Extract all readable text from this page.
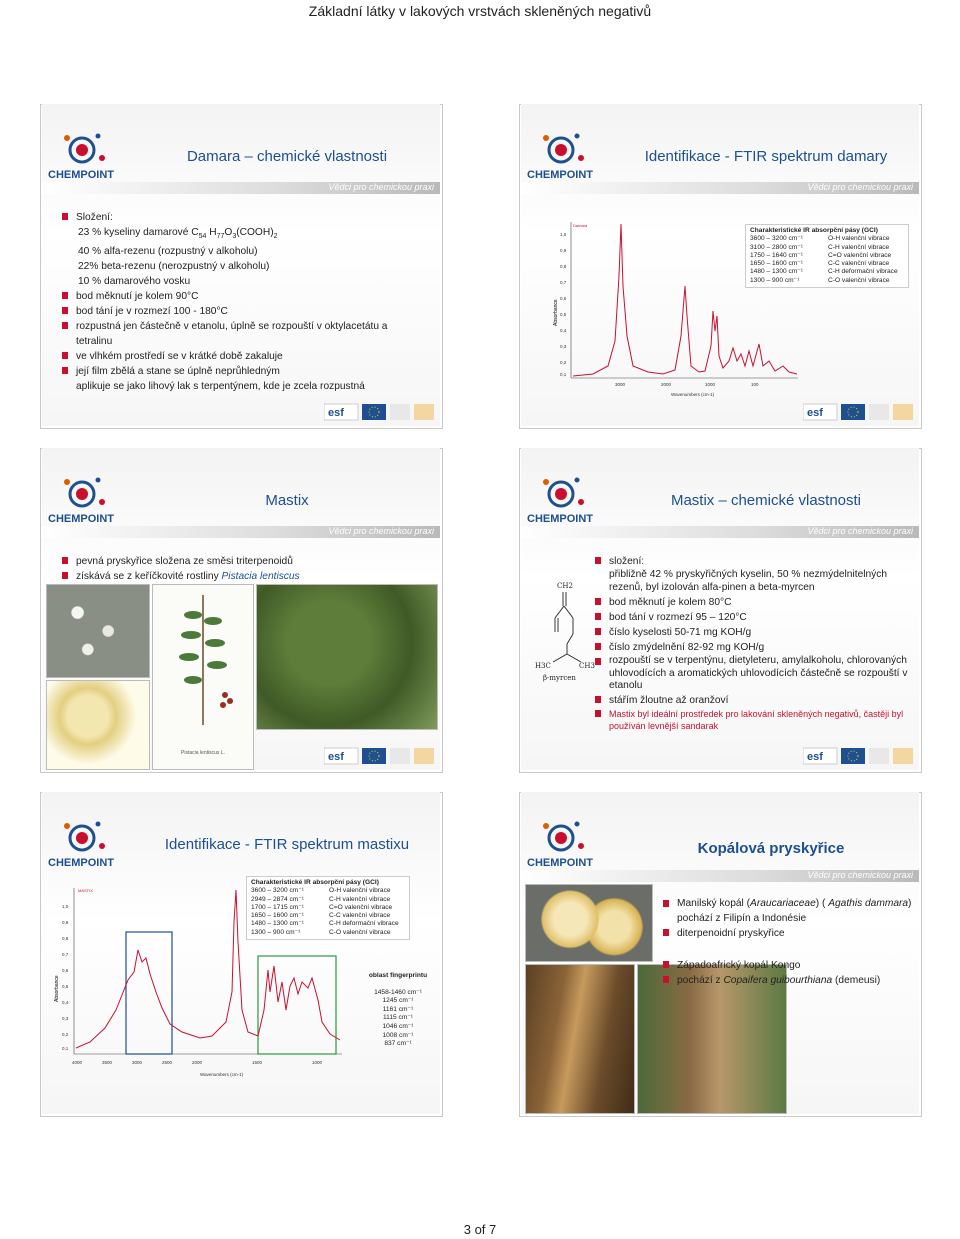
Základní látky v lakových vrstvách skleněných negativů
CHEMPOINT
Damara – chemické vlastnosti
Vědci pro chemickou praxi
Složení:
23 % kyseliny damarové $C_{54}$ $H_{77}O_3(COOH)_2$
40 % alfa-rezenu (rozpustný v alkoholu)
22% beta-rezenu (nerozpustný v alkoholu)
10 % damarového vosku
bod měknutí je kolem 90°C
bod tání je v rozmezí 100 - 180°C
rozpustná jen částečně v etanolu, úplně se rozpouští v oktylacetátu a
tetralinu
ve vlhkém prostředí se v krátké době zakaluje
její film zbělá a stane se úplně neprůhledným
aplikuje se jako lihový lak s terpentýnem, kde je zcela rozpustná
esf
CHEMPOINT
Identifikace - FTIR spektrum damary
Vědci pro chemickou praxi
Absorbance
Damara
1,0
0,9
0,8
0,7
0,6
0,5
0,4
0,3
0,2
0,1
3000	2000	1000	100
Wavenumbers (cm-1)
Charakteristické IR absorpční pásy (GCI)
3600 – 3200 cm⁻¹	O-H valenční vibrace
3100 – 2800 cm⁻¹	C-H valenční vibrace
1750 – 1640 cm⁻¹	C=O valenční vibrace
1650 – 1600 cm⁻¹	C-C valenční vibrace
1480 – 1300 cm⁻¹	C-H deformační vibrace
1300 – 900 cm⁻¹	C-O valenční vibrace
esf
CHEMPOINT
Mastix
Vědci pro chemickou praxi
pevná pryskyřice složena ze směsi triterpenoidů
získává se z keříčkovité rostliny Pistacia lentiscus
Pistacia lentiscus L.	esf
CHEMPOINT
Mastix – chemické vlastnosti
Vědci pro chemickou praxi
CH2
H3C	CH3
β-myrcen
složení:
přibližně 42 % pryskyřičných kyselin, 50 % nezmýdelnitelných rezenů, byl izolován alfa-pinen a beta-myrcen
bod měknutí je kolem 80°C
bod tání v rozmezí 95 – 120°C
číslo kyselosti 50-71 mg KOH/g
číslo zmýdelnění 82-92 mg KOH/g
rozpouští se v terpentýnu, dietyleteru, amylalkoholu, chlorovaných uhlovodících a aromatických uhlovodících částečně se rozpouští v etanolu
stářím žloutne až oranžoví
Mastix byl ideální prostředek pro lakování skleněných negativů, častěji byl používán levnější sandarak
esf
CHEMPOINT
Identifikace - FTIR spektrum mastixu
Absorbance
MASTIX
1,0
0,9
0,8
0,7
0,6
0,5
0,4
0,3
0,2
0,1
4000	3500	3000	2500	2000	1500	1000
Wavenumbers (cm-1)
Charakteristické IR absorpční pásy (GCI)
3600 – 3200 cm⁻¹	O-H valenční vibrace
2949 – 2874 cm⁻¹	C-H valenční vibrace
1700 – 1715 cm⁻¹	C=O valenční vibrace
1650 – 1600 cm⁻¹	C-C valenční vibrace
1480 – 1300 cm⁻¹	C-H deformační vibrace
1300 – 900 cm⁻¹	C-O valenční vibrace
oblast fingerprintu
1458-1460 cm⁻¹
1245 cm⁻¹
1161 cm⁻¹
1115 cm⁻¹
1046 cm⁻¹
1008 cm⁻¹
837 cm⁻¹
CHEMPOINT
Kopálová pryskyřice
Vědci pro chemickou praxi
Manilský kopál (Araucariaceae) ( Agathis dammara) pochází z Filipín a Indonésie
diterpenoidní pryskyřice
Západoafrický kopál Kongo
pochází z Copaifera guibourthiana (demeusi)
3 of 7
